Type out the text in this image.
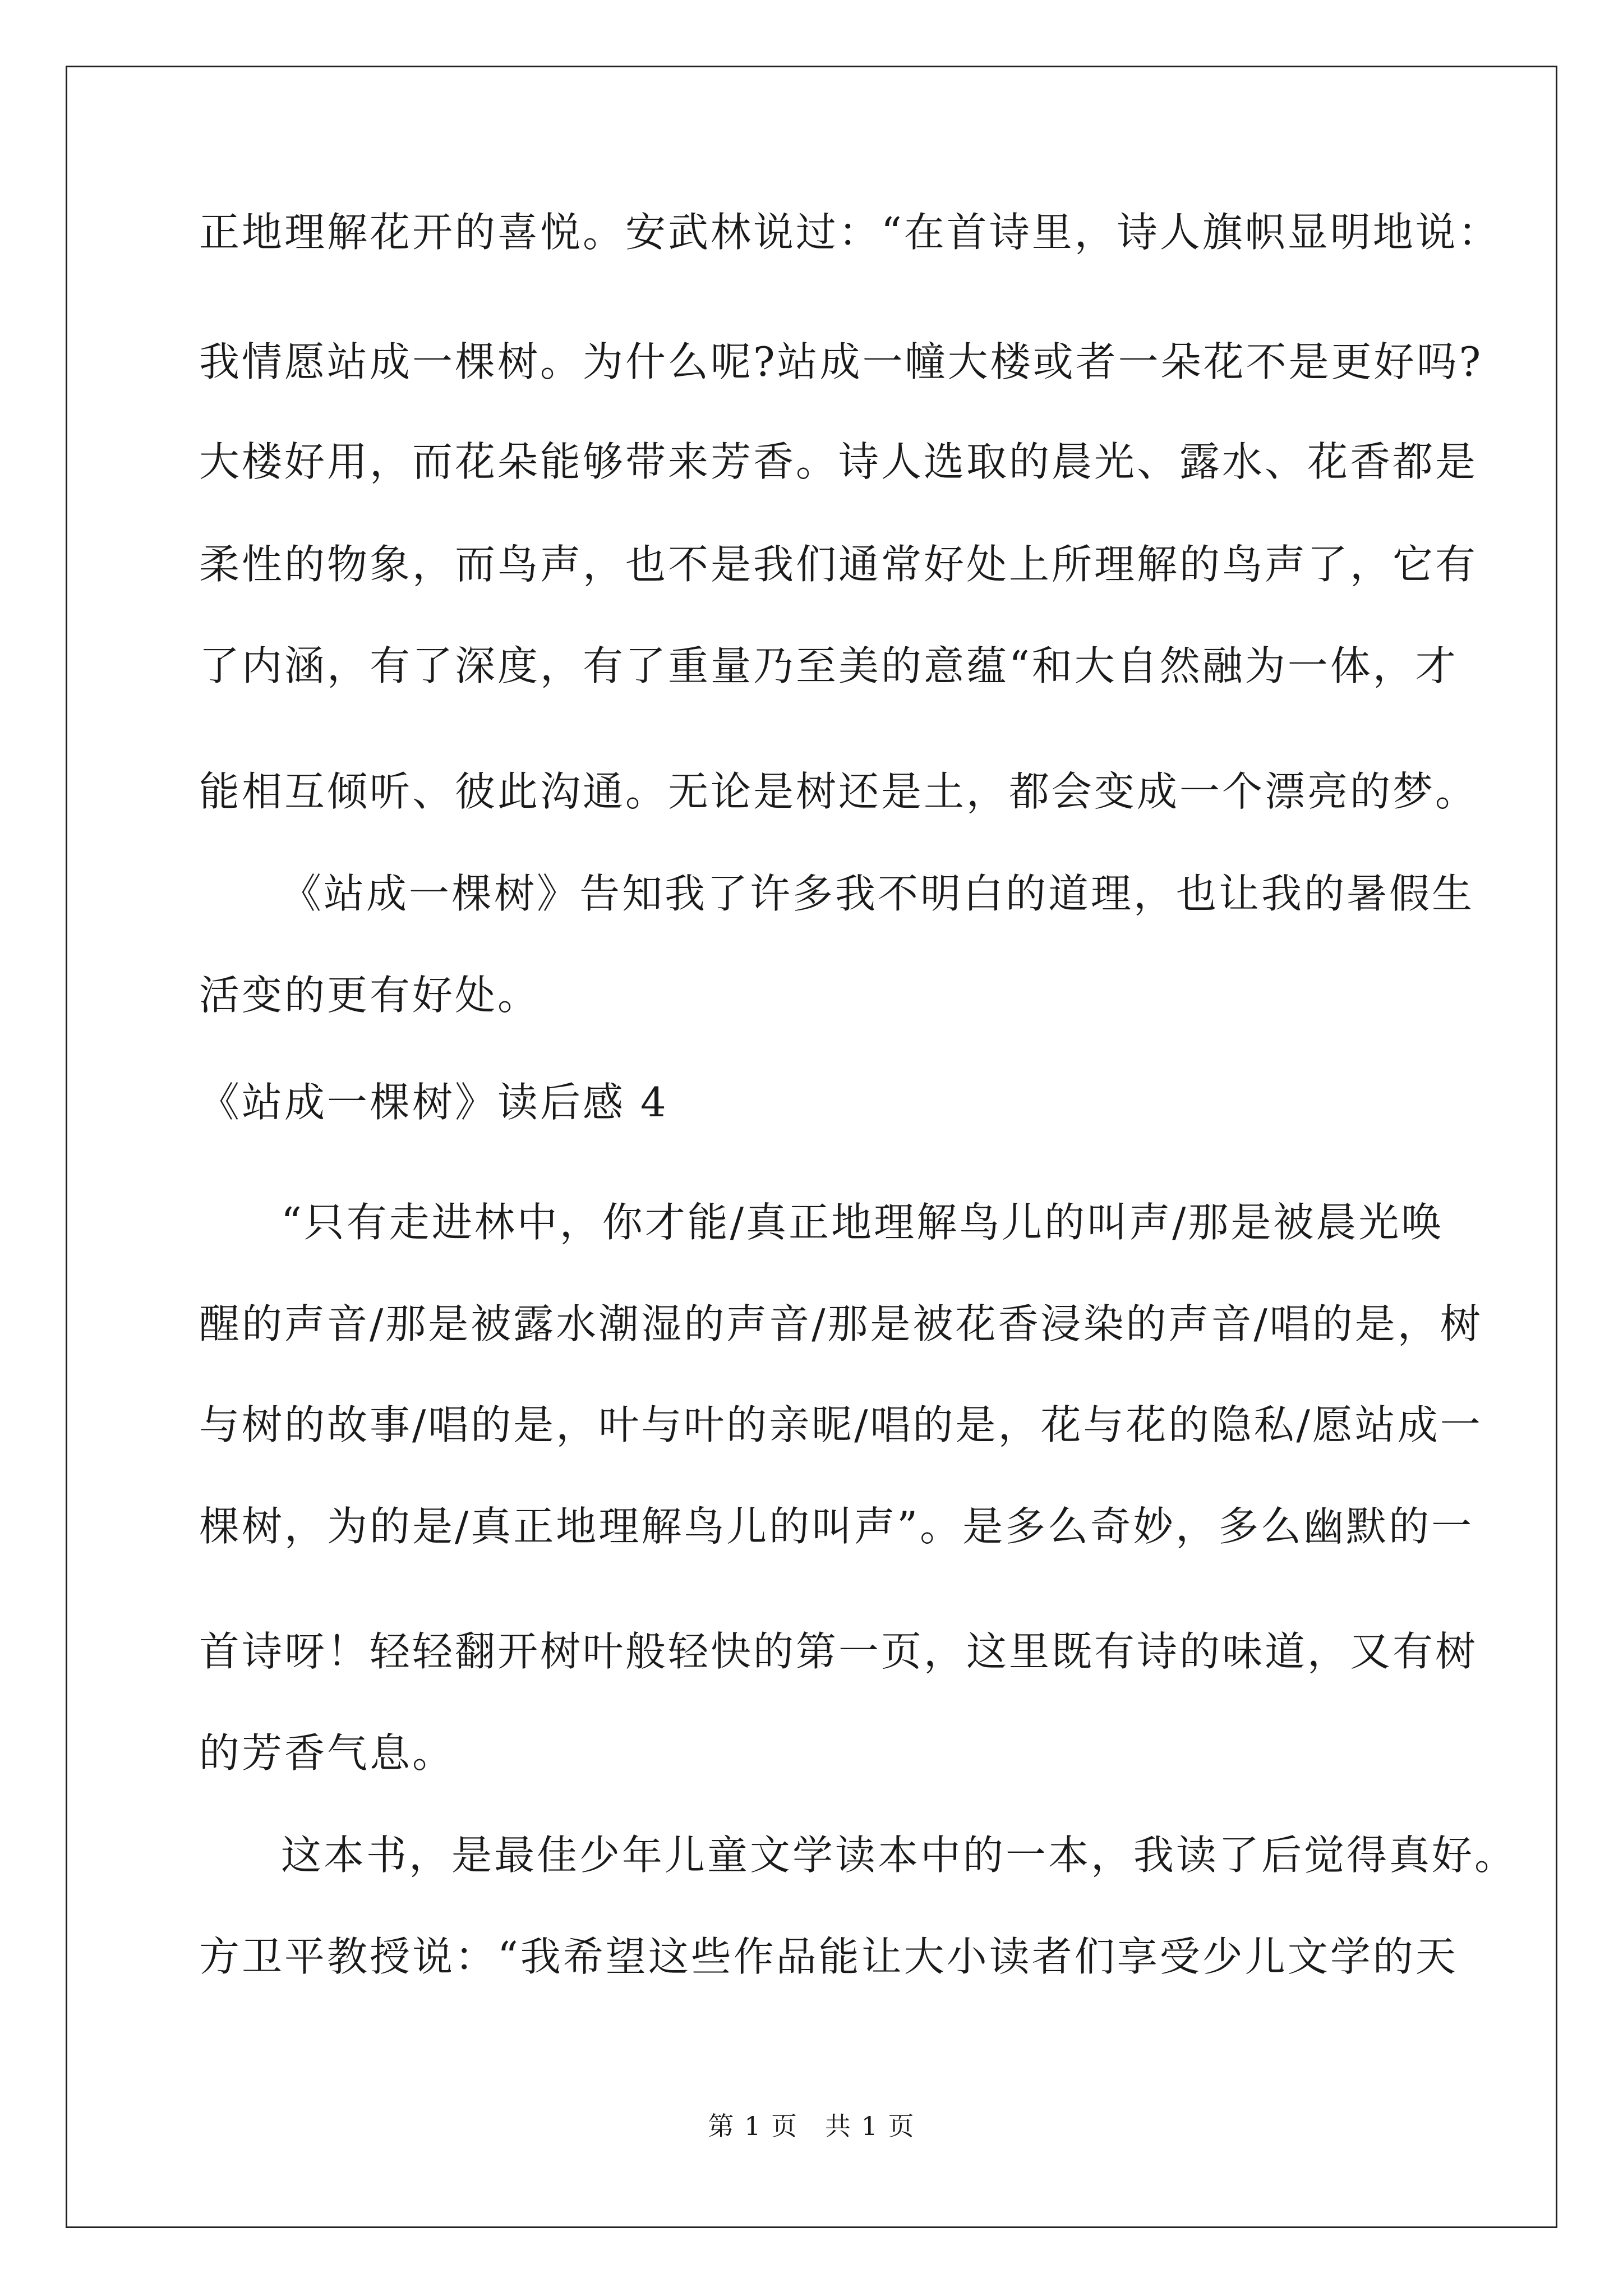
正地理解花开的喜悦。安武林说过：“在首诗里，诗人旗帜显明地说：
我情愿站成一棵树。为什么呢?站成一幢大楼或者一朵花不是更好吗?
大楼好用，而花朵能够带来芳香。诗人选取的晨光、露水、花香都是
柔性的物象，而鸟声，也不是我们通常好处上所理解的鸟声了，它有
了内涵，有了深度，有了重量乃至美的意蕴“和大自然融为一体，才
能相互倾听、彼此沟通。无论是树还是土，都会变成一个漂亮的梦。
《站成一棵树》告知我了许多我不明白的道理，也让我的暑假生
活变的更有好处。
《站成一棵树》读后感 4
“只有走进林中，你才能/真正地理解鸟儿的叫声/那是被晨光唤
醒的声音/那是被露水潮湿的声音/那是被花香浸染的声音/唱的是，树
与树的故事/唱的是，叶与叶的亲昵/唱的是，花与花的隐私/愿站成一
棵树，为的是/真正地理解鸟儿的叫声”。是多么奇妙，多么幽默的一
首诗呀！轻轻翻开树叶般轻快的第一页，这里既有诗的味道，又有树
的芳香气息。
这本书，是最佳少年儿童文学读本中的一本，我读了后觉得真好。
方卫平教授说：“我希望这些作品能让大小读者们享受少儿文学的天
第 1 页　共 1 页
